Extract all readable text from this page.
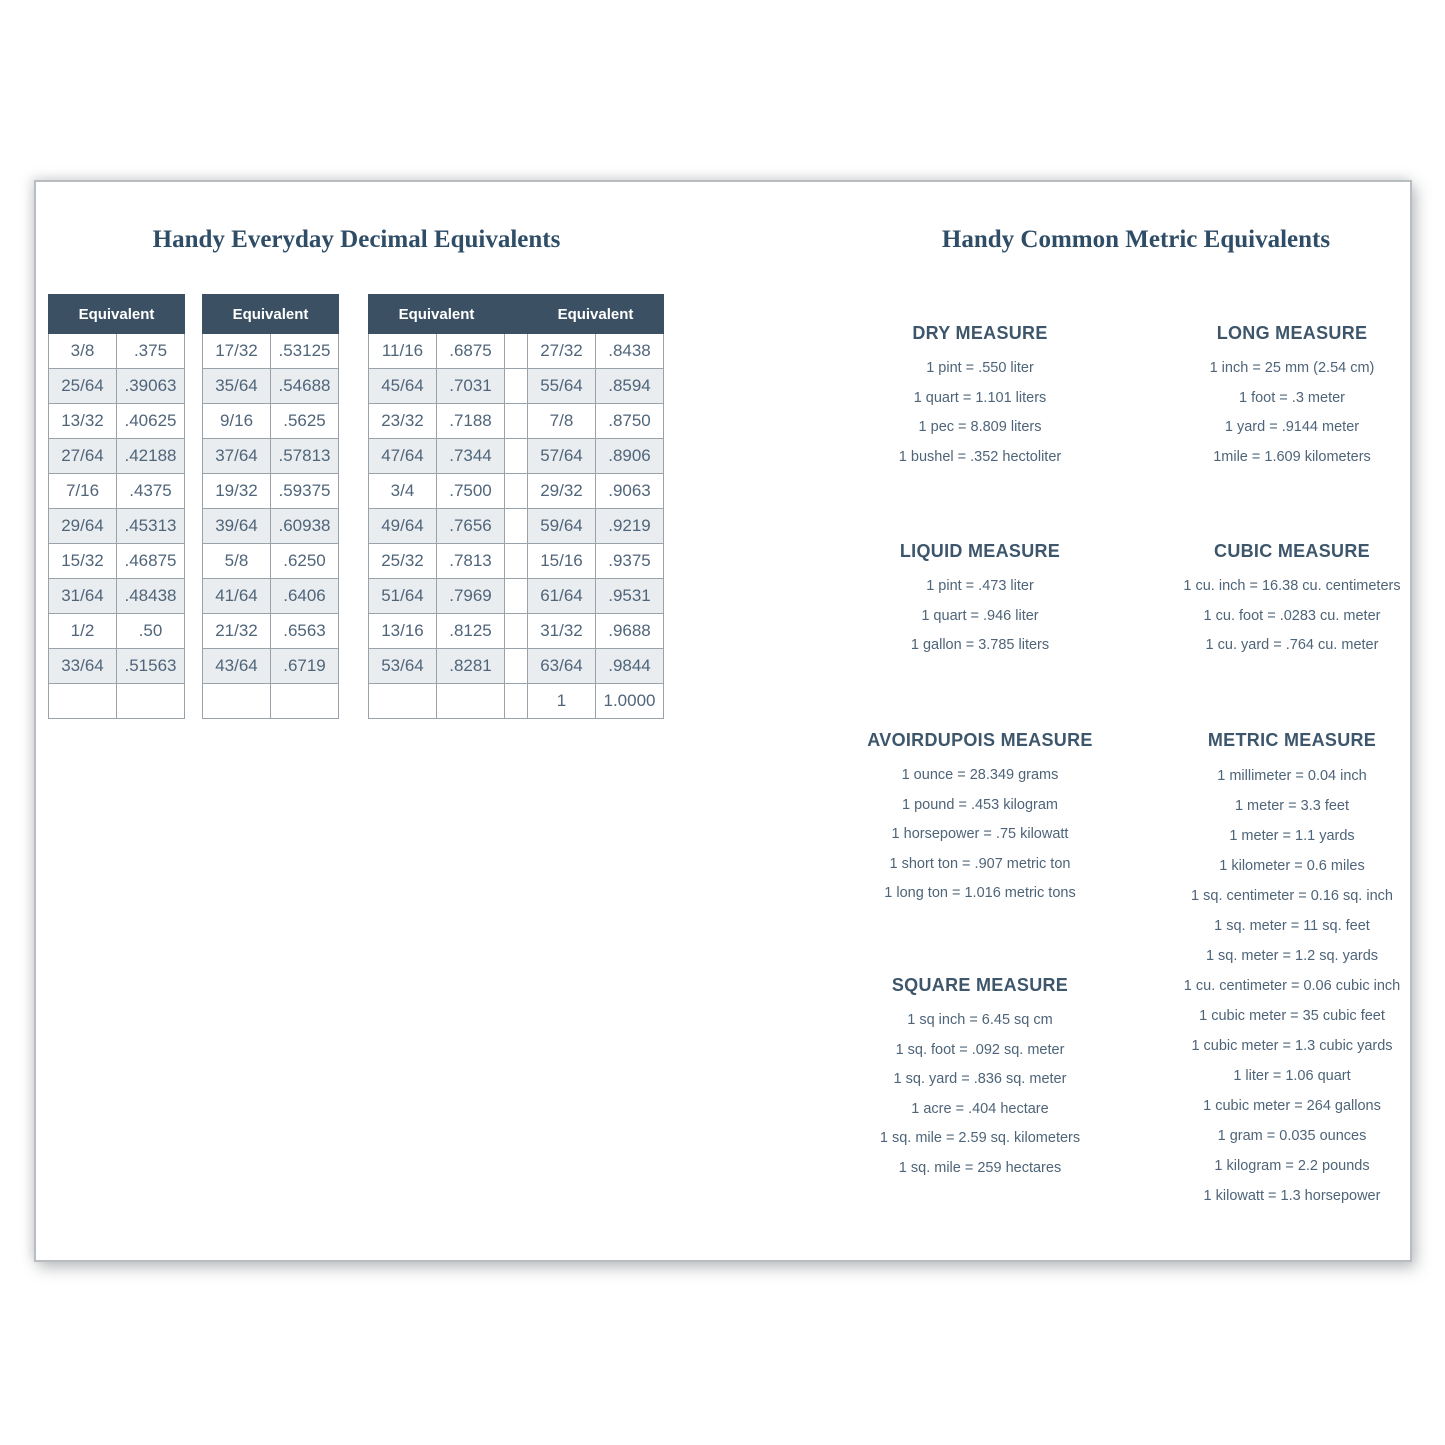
Handy Everyday Decimal Equivalents
Equivalent	
3/8	.375
25/64	.39063
13/32	.40625
27/64	.42188
7/16	.4375
29/64	.45313
15/32	.46875
31/64	.48438
1/2	.50
33/64	.51563

Equivalent	
17/32	.53125
35/64	.54688
9/16	.5625
37/64	.57813
19/32	.59375
39/64	.60938
5/8	.6250
41/64	.6406
21/32	.6563
43/64	.6719

Equivalent			Equivalent	
11/16	.6875		27/32	.8438
45/64	.7031		55/64	.8594
23/32	.7188		7/8	.8750
47/64	.7344		57/64	.8906
3/4	.7500		29/32	.9063
49/64	.7656		59/64	.9219
25/32	.7813		15/16	.9375
51/64	.7969		61/64	.9531
13/16	.8125		31/32	.9688
53/64	.8281		63/64	.9844
			1	1.0000
Handy Common Metric Equivalents
DRY MEASURE
1 pint = .550 liter
1 quart = 1.101 liters
1 pec = 8.809 liters
1 bushel = .352 hectoliter
LIQUID MEASURE
1 pint = .473 liter
1 quart = .946 liter
1 gallon = 3.785 liters
AVOIRDUPOIS MEASURE
1 ounce = 28.349 grams
1 pound = .453 kilogram
1 horsepower = .75 kilowatt
1 short ton = .907 metric ton
1 long ton = 1.016 metric tons
SQUARE MEASURE
1 sq inch = 6.45 sq cm
1 sq. foot = .092 sq. meter
1 sq. yard = .836 sq. meter
1 acre = .404 hectare
1 sq. mile = 2.59 sq. kilometers
1 sq. mile = 259 hectares
LONG MEASURE
1 inch = 25 mm (2.54 cm)
1 foot = .3 meter
1 yard = .9144 meter
1mile = 1.609 kilometers
CUBIC MEASURE
1 cu. inch = 16.38 cu. centimeters
1 cu. foot = .0283 cu. meter
1 cu. yard = .764 cu. meter
METRIC MEASURE
1 millimeter = 0.04 inch
1 meter = 3.3 feet
1 meter = 1.1 yards
1 kilometer = 0.6 miles
1 sq. centimeter = 0.16 sq. inch
1 sq. meter = 11 sq. feet
1 sq. meter = 1.2 sq. yards
1 cu. centimeter = 0.06 cubic inch
1 cubic meter = 35 cubic feet
1 cubic meter = 1.3 cubic yards
1 liter = 1.06 quart
1 cubic meter = 264 gallons
1 gram = 0.035 ounces
1 kilogram = 2.2 pounds
1 kilowatt = 1.3 horsepower
